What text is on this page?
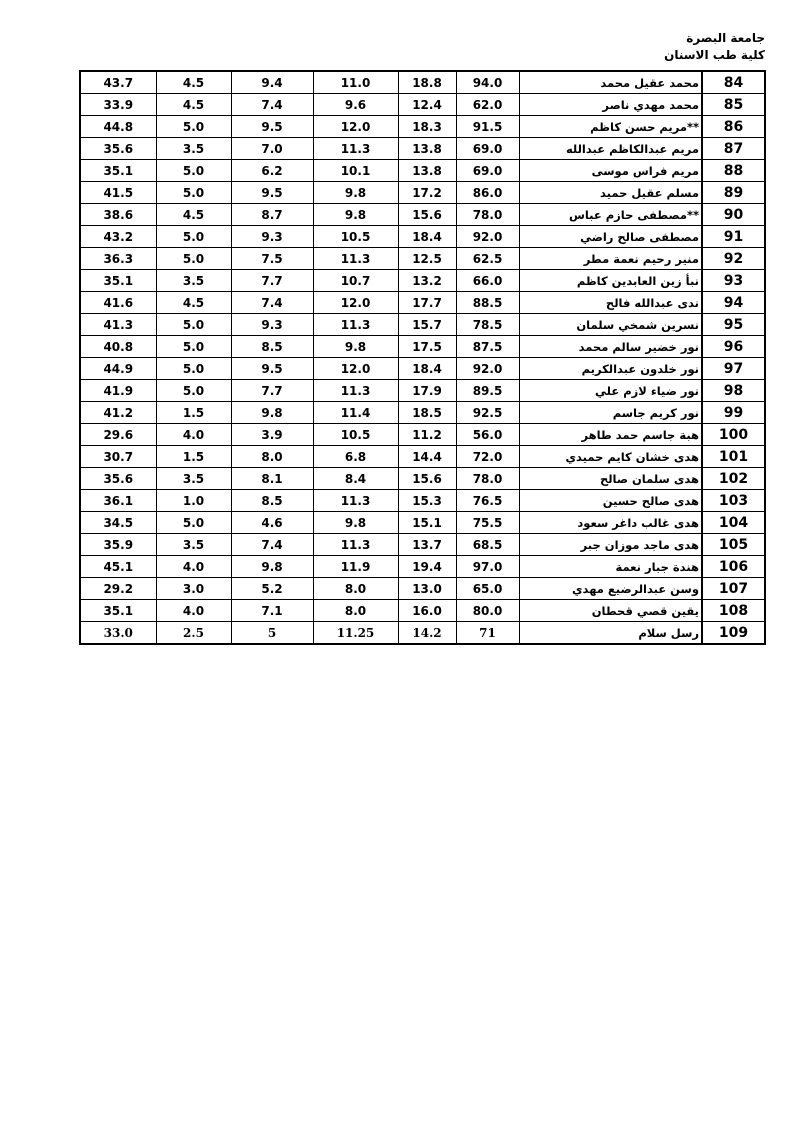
جامعة البصرة
كلية طب الاسنان
43.7	4.5	9.4	11.0	18.8	94.0	محمد عقيل محمد	84
33.9	4.5	7.4	9.6	12.4	62.0	محمد مهدي ناصر	85
44.8	5.0	9.5	12.0	18.3	91.5	**مريم حسن كاظم	86
35.6	3.5	7.0	11.3	13.8	69.0	مريم عبدالكاظم عبدالله	87
35.1	5.0	6.2	10.1	13.8	69.0	مريم فراس موسى	88
41.5	5.0	9.5	9.8	17.2	86.0	مسلم عقيل حميد	89
38.6	4.5	8.7	9.8	15.6	78.0	**مصطفى حازم عباس	90
43.2	5.0	9.3	10.5	18.4	92.0	مصطفى صالح راضي	91
36.3	5.0	7.5	11.3	12.5	62.5	منير رحيم نعمة مطر	92
35.1	3.5	7.7	10.7	13.2	66.0	نبأ زين العابدين كاظم	93
41.6	4.5	7.4	12.0	17.7	88.5	ندى عبدالله فالح	94
41.3	5.0	9.3	11.3	15.7	78.5	نسرين شمخي سلمان	95
40.8	5.0	8.5	9.8	17.5	87.5	نور خضير سالم محمد	96
44.9	5.0	9.5	12.0	18.4	92.0	نور خلدون عبدالكريم	97
41.9	5.0	7.7	11.3	17.9	89.5	نور ضياء لازم علي	98
41.2	1.5	9.8	11.4	18.5	92.5	نور كريم جاسم	99
29.6	4.0	3.9	10.5	11.2	56.0	هبة جاسم حمد طاهر	100
30.7	1.5	8.0	6.8	14.4	72.0	هدى خشان كايم حميدي	101
35.6	3.5	8.1	8.4	15.6	78.0	هدى سلمان صالح	102
36.1	1.0	8.5	11.3	15.3	76.5	هدى صالح حسين	103
34.5	5.0	4.6	9.8	15.1	75.5	هدى غالب داغر سعود	104
35.9	3.5	7.4	11.3	13.7	68.5	هدى ماجد موزان جبر	105
45.1	4.0	9.8	11.9	19.4	97.0	هندة جبار نعمة	106
29.2	3.0	5.2	8.0	13.0	65.0	وسن عبدالرضيع مهدي	107
35.1	4.0	7.1	8.0	16.0	80.0	يقين قصي قحطان	108
33.0	2.5	5	11.25	14.2	71	رسل سلام	109
